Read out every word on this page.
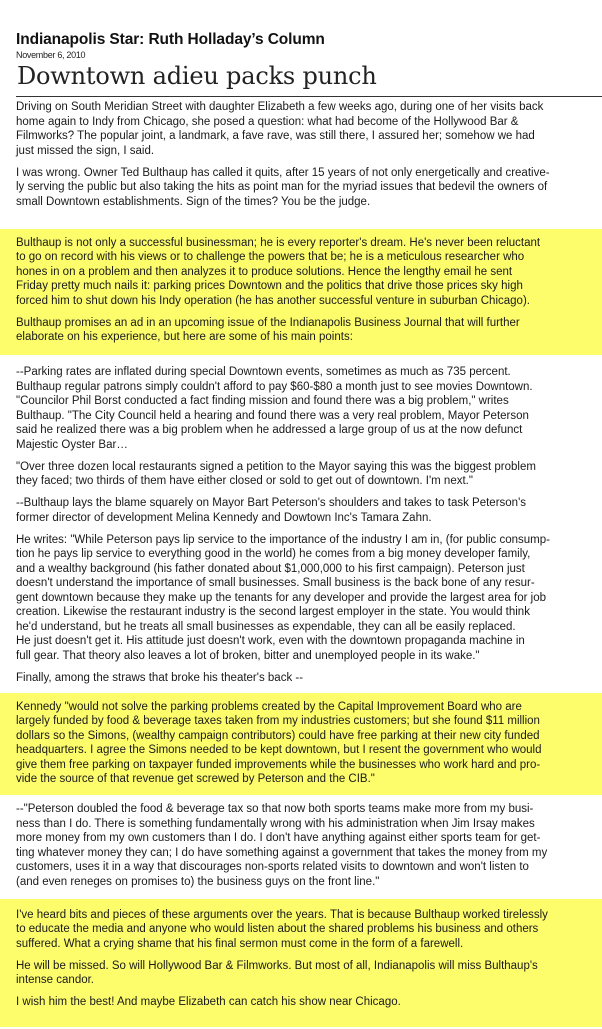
Indianapolis Star: Ruth Holladay’s Column
November 6, 2010
Downtown adieu packs punch

Driving on South Meridian Street with daughter Elizabeth a few weeks ago, during one of her visits back
home again to Indy from Chicago, she posed a question: what had become of the Hollywood Bar &
Filmworks? The popular joint, a landmark, a fave rave, was still there, I assured her; somehow we had
just missed the sign, I said.

I was wrong. Owner Ted Bulthaup has called it quits, after 15 years of not only energetically and creative-
ly serving the public but also taking the hits as point man for the myriad issues that bedevil the owners of
small Downtown establishments. Sign of the times? You be the judge.

Bulthaup is not only a successful businessman; he is every reporter's dream. He's never been reluctant
to go on record with his views or to challenge the powers that be; he is a meticulous researcher who
hones in on a problem and then analyzes it to produce solutions. Hence the lengthy email he sent
Friday pretty much nails it: parking prices Downtown and the politics that drive those prices sky high
forced him to shut down his Indy operation (he has another successful venture in suburban Chicago).

Bulthaup promises an ad in an upcoming issue of the Indianapolis Business Journal that will further
elaborate on his experience, but here are some of his main points:

--Parking rates are inflated during special Downtown events, sometimes as much as 735 percent.
Bulthaup regular patrons simply couldn't afford to pay $60-$80 a month just to see movies Downtown.
"Councilor Phil Borst conducted a fact finding mission and found there was a big problem," writes
Bulthaup. "The City Council held a hearing and found there was a very real problem, Mayor Peterson
said he realized there was a big problem when he addressed a large group of us at the now defunct
Majestic Oyster Bar…

"Over three dozen local restaurants signed a petition to the Mayor saying this was the biggest problem
they faced; two thirds of them have either closed or sold to get out of downtown. I'm next."

--Bulthaup lays the blame squarely on Mayor Bart Peterson's shoulders and takes to task Peterson's
former director of development Melina Kennedy and Dowtown Inc's Tamara Zahn.

He writes: "While Peterson pays lip service to the importance of the industry I am in, (for public consump-
tion he pays lip service to everything good in the world) he comes from a big money developer family,
and a wealthy background (his father donated about $1,000,000 to his first campaign). Peterson just
doesn't understand the importance of small businesses. Small business is the back bone of any resur-
gent downtown because they make up the tenants for any developer and provide the largest area for job
creation. Likewise the restaurant industry is the second largest employer in the state. You would think
he'd understand, but he treats all small businesses as expendable, they can all be easily replaced.
He just doesn't get it. His attitude just doesn't work, even with the downtown propaganda machine in
full gear. That theory also leaves a lot of broken, bitter and unemployed people in its wake."

Finally, among the straws that broke his theater's back --

Kennedy "would not solve the parking problems created by the Capital Improvement Board who are
largely funded by food & beverage taxes taken from my industries customers; but she found $11 million
dollars so the Simons, (wealthy campaign contributors) could have free parking at their new city funded
headquarters. I agree the Simons needed to be kept downtown, but I resent the government who would
give them free parking on taxpayer funded improvements while the businesses who work hard and pro-
vide the source of that revenue get screwed by Peterson and the CIB."

--"Peterson doubled the food & beverage tax so that now both sports teams make more from my busi-
ness than I do. There is something fundamentally wrong with his administration when Jim Irsay makes
more money from my own customers than I do. I don't have anything against either sports team for get-
ting whatever money they can; I do have something against a government that takes the money from my
customers, uses it in a way that discourages non-sports related visits to downtown and won't listen to
(and even reneges on promises to) the business guys on the front line."

I've heard bits and pieces of these arguments over the years. That is because Bulthaup worked tirelessly
to educate the media and anyone who would listen about the shared problems his business and others
suffered. What a crying shame that his final sermon must come in the form of a farewell.

He will be missed. So will Hollywood Bar & Filmworks. But most of all, Indianapolis will miss Bulthaup's
intense candor.

I wish him the best! And maybe Elizabeth can catch his show near Chicago.
